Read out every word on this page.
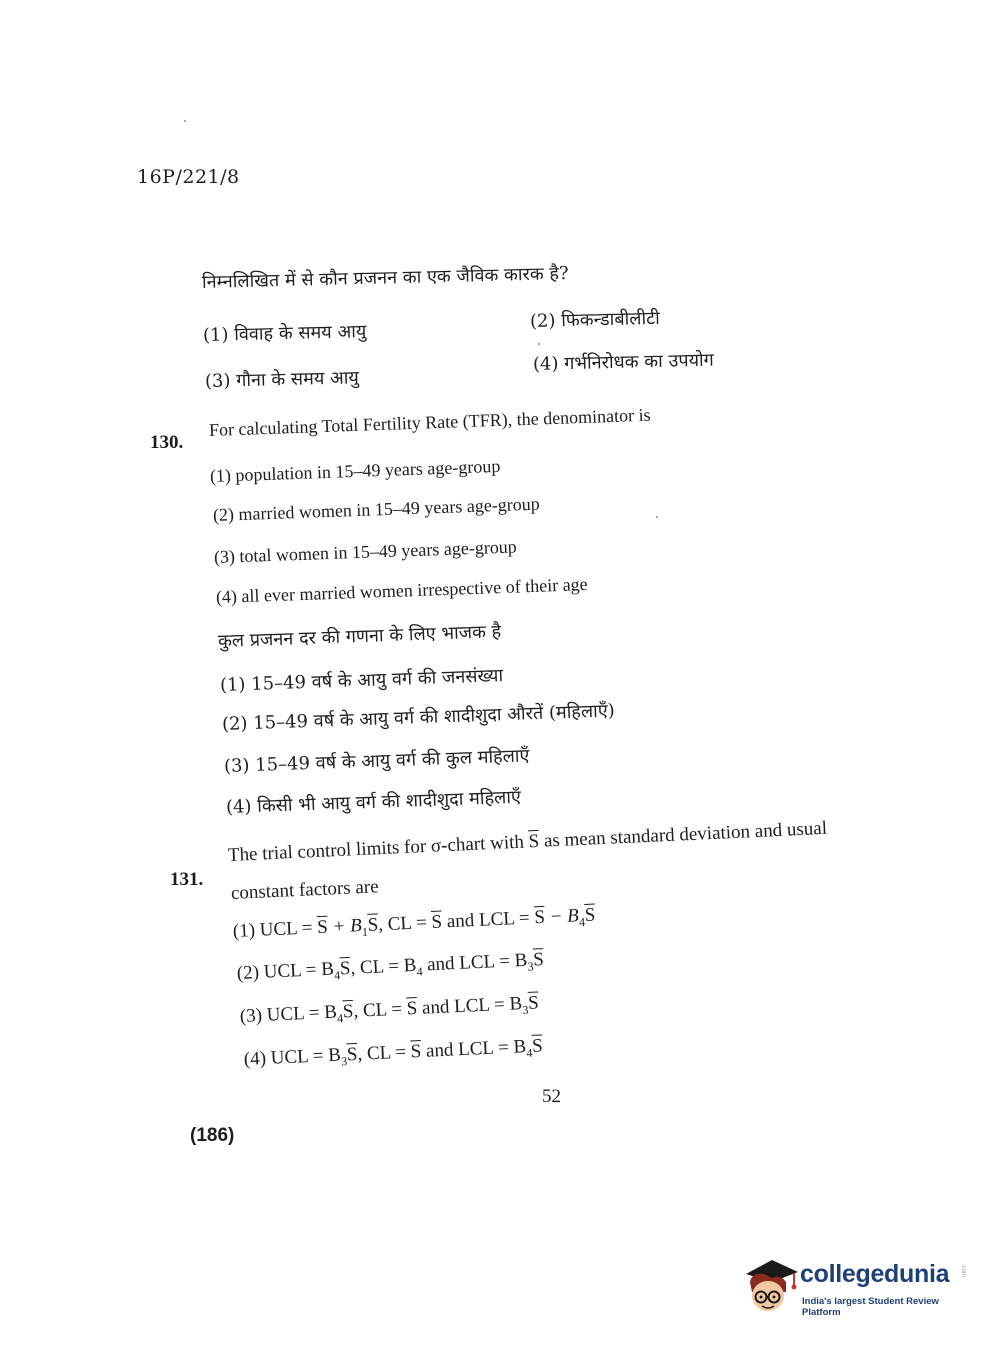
16P/221/8
निम्नलिखित में से कौन प्रजनन का एक जैविक कारक है?
(1) विवाह के समय आयु
(2) फिकन्डाबीलीटी
(3) गौना के समय आयु
(4) गर्भनिरोधक का उपयोग
130.
For calculating Total Fertility Rate (TFR), the denominator is
(1) population in 15–49 years age-group
(2) married women in 15–49 years age-group
(3) total women in 15–49 years age-group
(4) all ever married women irrespective of their age
कुल प्रजनन दर की गणना के लिए भाजक है
(1) 15–49 वर्ष के आयु वर्ग की जनसंख्या
(2) 15–49 वर्ष के आयु वर्ग की शादीशुदा औरतें (महिलाएँ)
(3) 15–49 वर्ष के आयु वर्ग की कुल महिलाएँ
(4) किसी भी आयु वर्ग की शादीशुदा महिलाएँ
131.
The trial control limits for σ-chart with $\overline{S}$ as mean standard deviation and usual
constant factors are
(1) UCL = $\overline{S} + B_1\overline{S}$, CL = $\overline{S}$ and LCL = $\overline{S} - B_4\overline{S}$
(2) UCL = $B_4\overline{S}$, CL = $B_4$ and LCL = $B_3\overline{S}$
(3) UCL = $B_4\overline{S}$, CL = $\overline{S}$ and LCL = $B_3\overline{S}$
(4) UCL = $B_3\overline{S}$, CL = $\overline{S}$ and LCL = $B_4\overline{S}$
52
(186)
collegedunia .com
India's largest Student Review Platform
